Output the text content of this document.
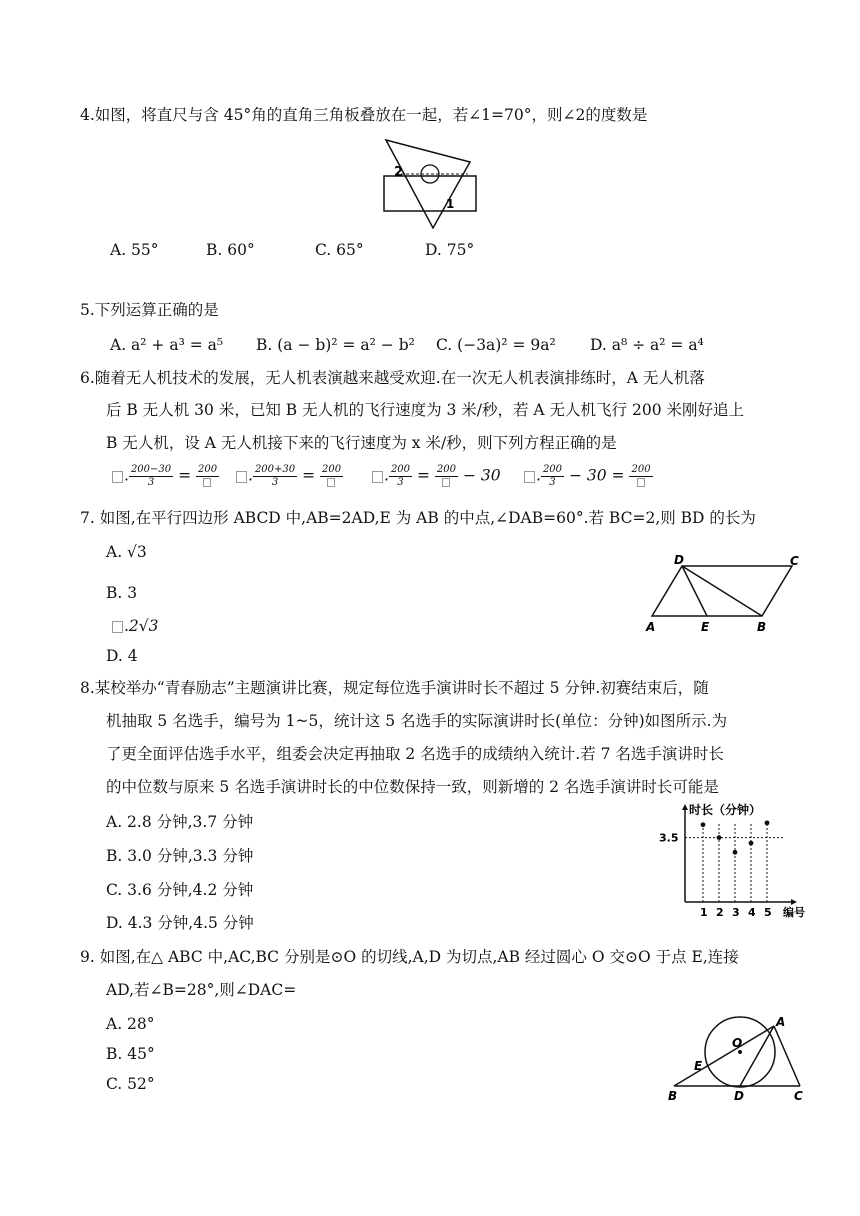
4.如图，将直尺与含 45°角的直角三角板叠放在一起，若∠1=70°，则∠2的度数是
2
1
A. 55°	B. 60°	C. 65°	D. 75°
5.下列运算正确的是
A. a² + a³ = a⁵ B. (a − b)² = a² − b² C. (−3a)² = 9a² D. a⁸ ÷ a² = a⁴
6.随着无人机技术的发展，无人机表演越来越受欢迎.在一次无人机表演排练时，A 无人机落
后 B 无人机 30 米，已知 B 无人机的飞行速度为 3 米/秒，若 A 无人机飞行 200 米刚好追上
B 无人机，设 A 无人机接下来的飞行速度为 x 米/秒，则下列方程正确的是
. $\frac{200-30}{3} = 200$	. $\frac{200+30}{3} = 200$	. $\frac{200}{3} = 200 - 30$	. $\frac{200}{3} - 30 = 200$
7. 如图,在平行四边形 ABCD 中,AB=2AD,E 为 AB 的中点,∠DAB=60°.若 BC=2,则 BD 的长为
A. √3
B. 3
.2√3
D. 4
D	C
A	E	B
8.某校举办“青春励志”主题演讲比赛，规定每位选手演讲时长不超过 5 分钟.初赛结束后，随
机抽取 5 名选手，编号为 1~5，统计这 5 名选手的实际演讲时长(单位：分钟)如图所示.为
了更全面评估选手水平，组委会决定再抽取 2 名选手的成绩纳入统计.若 7 名选手演讲时长
的中位数与原来 5 名选手演讲时长的中位数保持一致，则新增的 2 名选手演讲时长可能是
A. 2.8 分钟,3.7 分钟
B. 3.0 分钟,3.3 分钟
C. 3.6 分钟,4.2 分钟
D. 4.3 分钟,4.5 分钟
时长（分钟）
编号
3.5
1 2 3 4 5
9. 如图,在△ ABC 中,AC,BC 分别是⊙O 的切线,A,D 为切点,AB 经过圆心 O 交⊙O 于点 E,连接
AD,若∠B=28°,则∠DAC=
A. 28°
B. 45°
C. 52°
A
O
E
B	D	C
